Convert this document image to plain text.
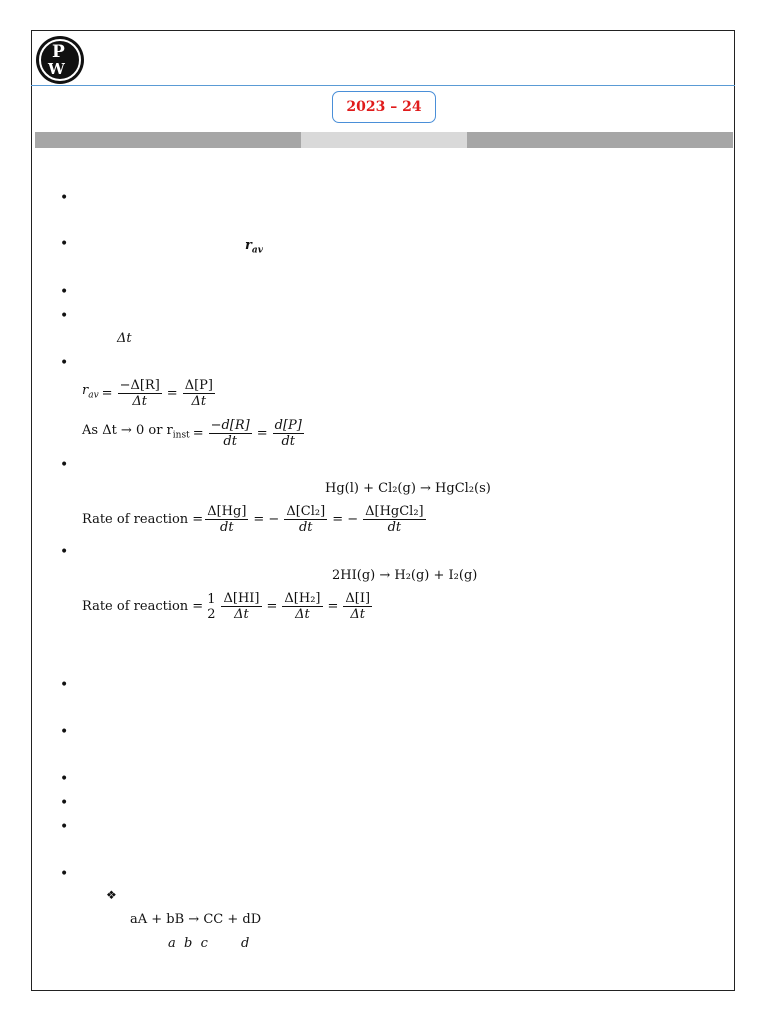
P
W
2023 – 24
•
•
•
•
•
•
•
•
•
•
•
•
•
$r_{av}$
Δt
$r_{av} = \frac{-\Delta[R]}{\Delta t} = \frac{\Delta[P]}{\Delta t}$
As Δt → 0 or $r_{inst} = \frac{-d[R]}{dt} = \frac{d[P]}{dt}$
Hg(l) + Cl₂(g) → HgCl₂(s)
Rate of reaction = $\frac{\Delta[Hg]}{dt}$ = − $\frac{\text{Δ[Cl₂]}}{dt}$ = − $\frac{\text{Δ[HgCl₂]}}{dt}$
2HI(g) → H₂(g) + I₂(g)
Rate of reaction = 1
$2 \frac{\Delta[HI]}{\Delta t} = \frac{\text{Δ[H₂]}}{\Delta t} = \frac{\Delta[I]}{\Delta t}$
❖
aA + bB → CC + dD
a  b  c        d
